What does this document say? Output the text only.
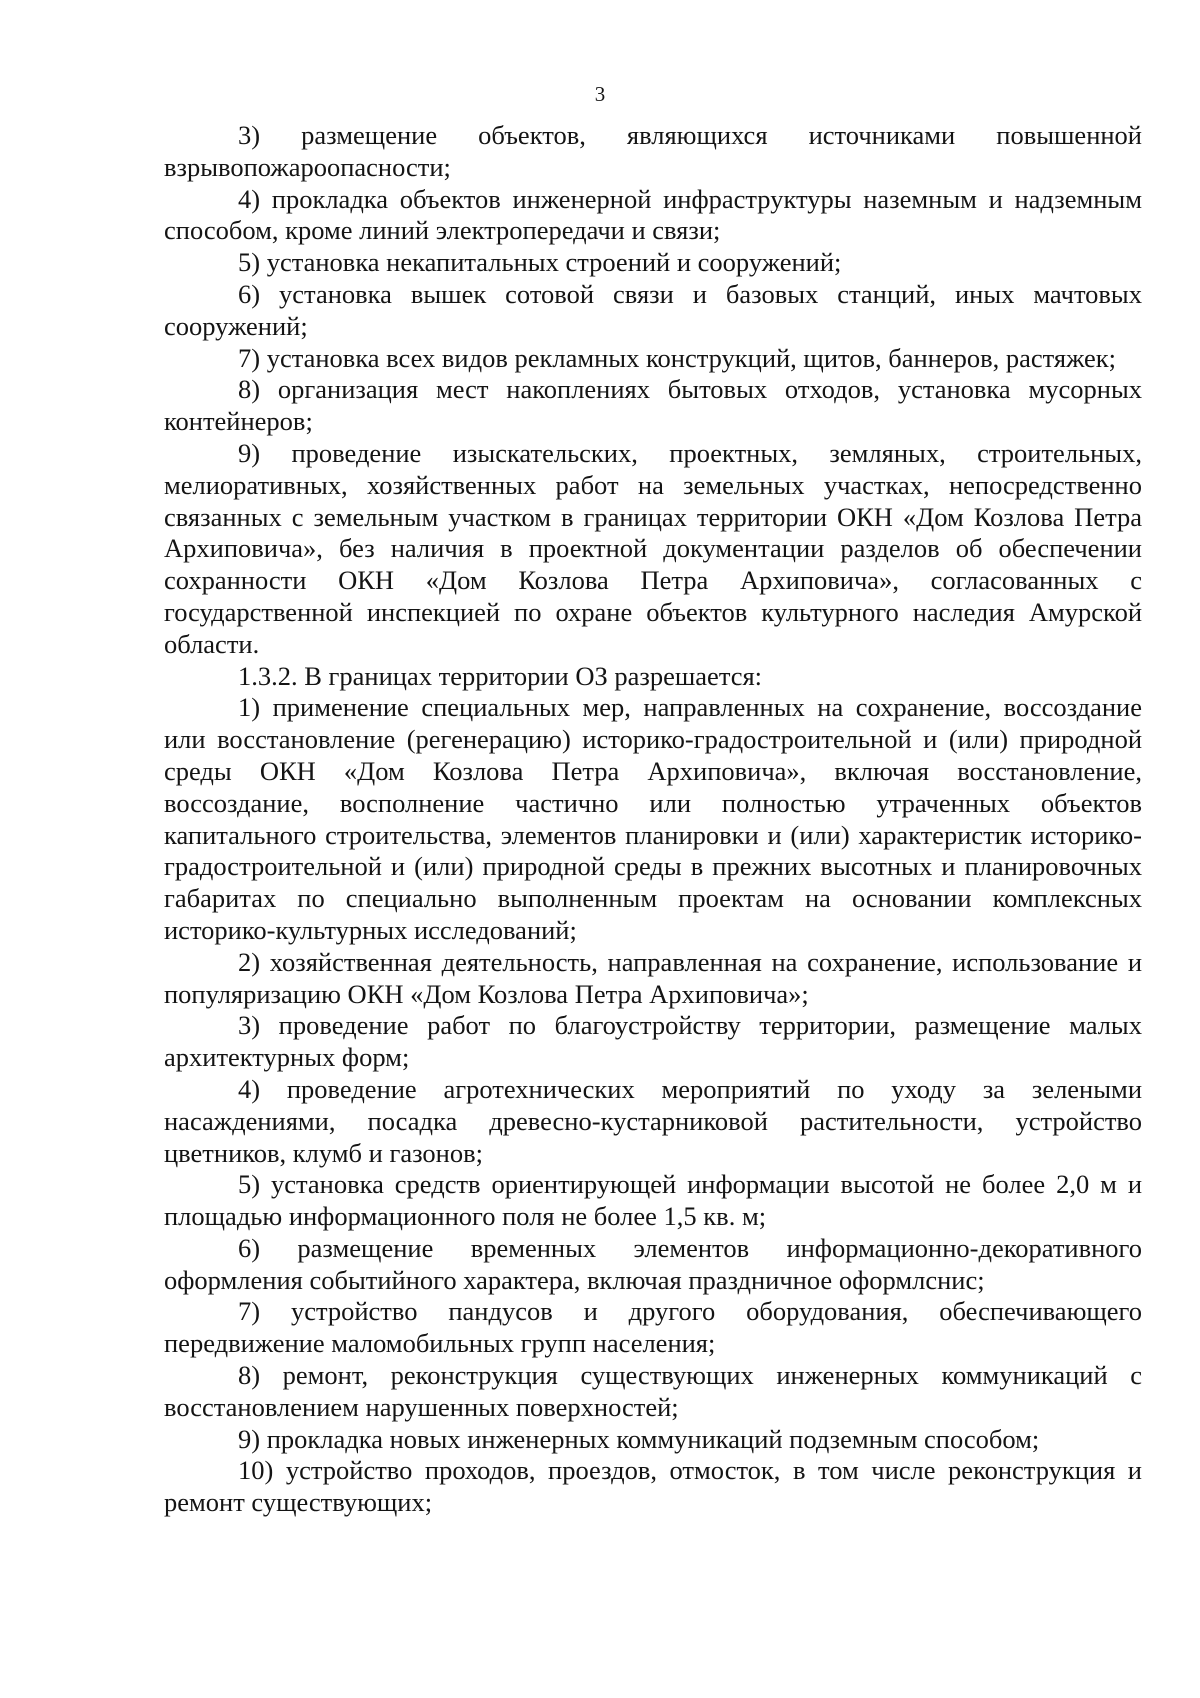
3

3) размещение объектов, являющихся источниками повышенной взрывопожароопасности;

4) прокладка объектов инженерной инфраструктуры наземным и надземным способом, кроме линий электропередачи и связи;

5) установка некапитальных строений и сооружений;

6) установка вышек сотовой связи и базовых станций, иных мачтовых сооружений;

7) установка всех видов рекламных конструкций, щитов, баннеров, растяжек;

8) организация мест накоплениях бытовых отходов, установка мусорных контейнеров;

9) проведение изыскательских, проектных, земляных, строительных, мелиоративных, хозяйственных работ на земельных участках, непосредственно связанных с земельным участком в границах территории ОКН «Дом Козлова Петра Архиповича», без наличия в проектной документации разделов об обеспечении сохранности ОКН «Дом Козлова Петра Архиповича», согласованных с государственной инспекцией по охране объектов культурного наследия Амурской области.

1.3.2. В границах территории ОЗ разрешается:

1) применение специальных мер, направленных на сохранение, воссоздание или восстановление (регенерацию) историко-градостроительной и (или) природной среды ОКН «Дом Козлова Петра Архиповича», включая восстановление, воссоздание, восполнение частично или полностью утраченных объектов капитального строительства, элементов планировки и (или) характеристик историко-градостроительной и (или) природной среды в прежних высотных и планировочных габаритах по специально выполненным проектам на основании комплексных историко-культурных исследований;

2) хозяйственная деятельность, направленная на сохранение, использование и популяризацию ОКН «Дом Козлова Петра Архиповича»;

3) проведение работ по благоустройству территории, размещение малых архитектурных форм;

4) проведение агротехнических мероприятий по уходу за зелеными насаждениями, посадка древесно-кустарниковой растительности, устройство цветников, клумб и газонов;

5) установка средств ориентирующей информации высотой не более 2,0 м и площадью информационного поля не более 1,5 кв. м;

6) размещение временных элементов информационно-декоративного оформления событийного характера, включая праздничное оформлснис;

7) устройство пандусов и другого оборудования, обеспечивающего передвижение маломобильных групп населения;

8) ремонт, реконструкция существующих инженерных коммуникаций с восстановлением нарушенных поверхностей;

9) прокладка новых инженерных коммуникаций подземным способом;

10) устройство проходов, проездов, отмосток, в том числе реконструкция и ремонт существующих;
